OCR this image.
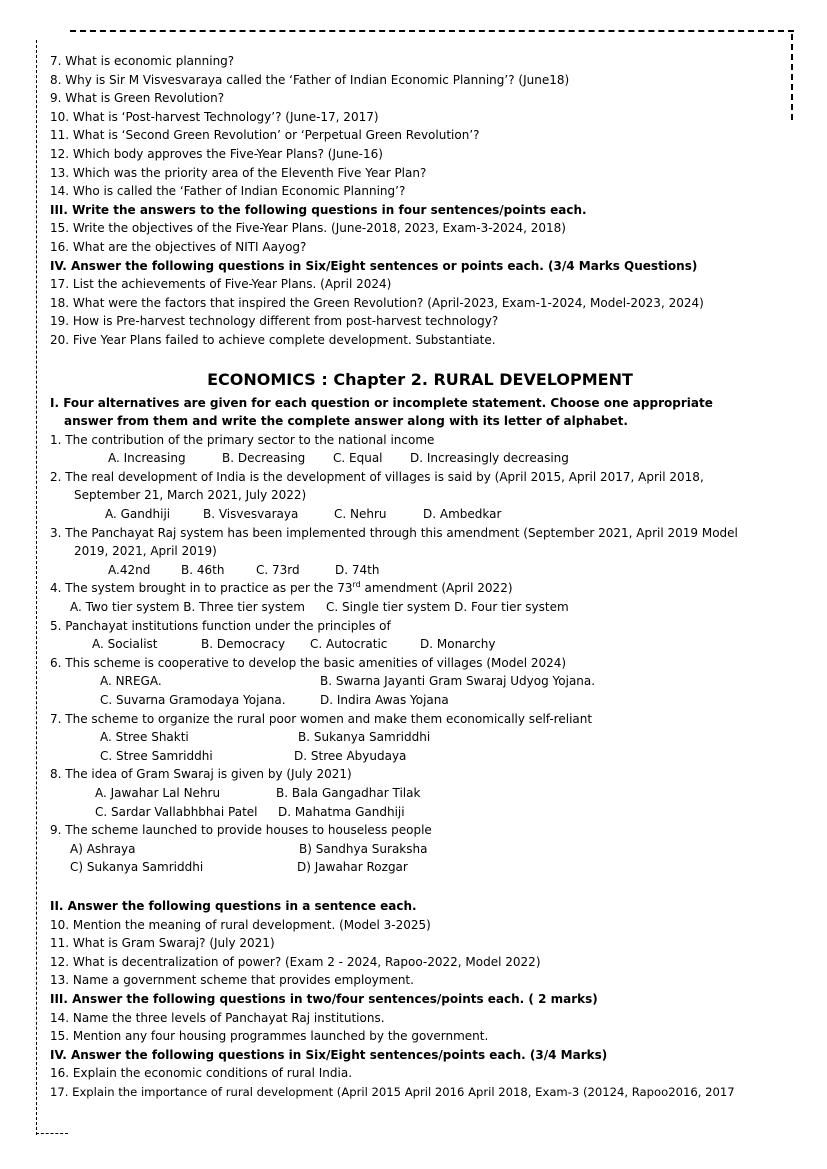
7. What is economic planning?
8. Why is Sir M Visvesvaraya called the ‘Father of Indian Economic Planning’? (June18)
9. What is Green Revolution?
10. What is ‘Post-harvest Technology’? (June-17, 2017)
11. What is ‘Second Green Revolution’ or ‘Perpetual Green Revolution’?
12. Which body approves the Five-Year Plans? (June-16)
13. Which was the priority area of the Eleventh Five Year Plan?
14. Who is called the ‘Father of Indian Economic Planning’?
III. Write the answers to the following questions in four sentences/points each.
15. Write the objectives of the Five-Year Plans. (June-2018, 2023, Exam-3-2024, 2018)
16. What are the objectives of NITI Aayog?
IV. Answer the following questions in Six/Eight sentences or points each. (3/4 Marks Questions)
17. List the achievements of Five-Year Plans. (April 2024)
18. What were the factors that inspired the Green Revolution? (April-2023, Exam-1-2024, Model-2023, 2024)
19. How is Pre-harvest technology different from post-harvest technology?
20. Five Year Plans failed to achieve complete development. Substantiate.
ECONOMICS : Chapter 2. RURAL DEVELOPMENT
I. Four alternatives are given for each question or incomplete statement. Choose one appropriate answer from them and write the complete answer along with its letter of alphabet.
1. The contribution of the primary sector to the national income
A. Increasing	B. Decreasing	C. Equal	D. Increasingly decreasing
2. The real development of India is the development of villages is said by (April 2015, April 2017, April 2018, September 21, March 2021, July 2022)
A. Gandhiji	B. Visvesvaraya	C. Nehru	D. Ambedkar
3. The Panchayat Raj system has been implemented through this amendment (September 2021, April 2019 Model 2019, 2021, April 2019)
A.42nd	B. 46th	C. 73rd	D. 74th
4. The system brought in to practice as per the 73rd amendment (April 2022)
A. Two tier system B. Three tier system	C. Single tier system D. Four tier system
5. Panchayat institutions function under the principles of
A. Socialist	B. Democracy	C. Autocratic	D. Monarchy
6. This scheme is cooperative to develop the basic amenities of villages (Model 2024)
A. NREGA.	B. Swarna Jayanti Gram Swaraj Udyog Yojana.
C. Suvarna Gramodaya Yojana.	D. Indira Awas Yojana
7. The scheme to organize the rural poor women and make them economically self-reliant
A. Stree Shakti	B. Sukanya Samriddhi
C. Stree Samriddhi	D. Stree Abyudaya
8. The idea of Gram Swaraj is given by (July 2021)
A. Jawahar Lal Nehru	B. Bala Gangadhar Tilak
C. Sardar Vallabhbhai Patel	D. Mahatma Gandhiji
9. The scheme launched to provide houses to houseless people
A) Ashraya	B) Sandhya Suraksha
C) Sukanya Samriddhi	D) Jawahar Rozgar
II. Answer the following questions in a sentence each.
10. Mention the meaning of rural development. (Model 3-2025)
11. What is Gram Swaraj? (July 2021)
12. What is decentralization of power? (Exam 2 - 2024, Rapoo-2022, Model 2022)
13. Name a government scheme that provides employment.
III. Answer the following questions in two/four sentences/points each. ( 2 marks)
14. Name the three levels of Panchayat Raj institutions.
15. Mention any four housing programmes launched by the government.
IV. Answer the following questions in Six/Eight sentences/points each. (3/4 Marks)
16. Explain the economic conditions of rural India.
17. Explain the importance of rural development (April 2015 April 2016 April 2018, Exam-3 (20124, Rapoo2016, 2017
